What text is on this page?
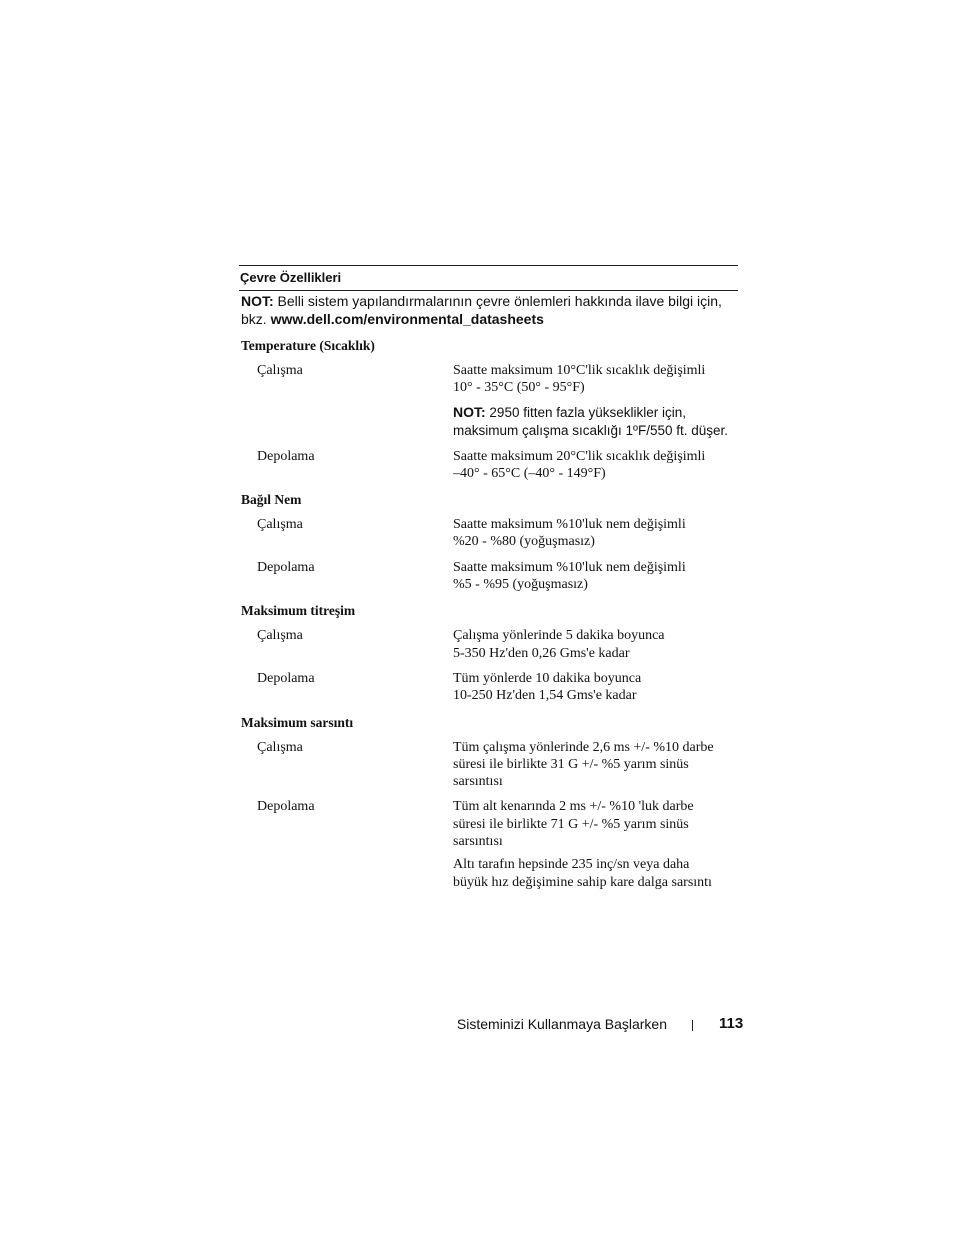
Çevre Özellikleri
NOT: Belli sistem yapılandırmalarının çevre önlemleri hakkında ilave bilgi için, bkz. www.dell.com/environmental_datasheets
Temperature (Sıcaklık)
Çalışma	Saatte maksimum 10°C'lik sıcaklık değişimli
10° - 35°C (50° - 95°F)
NOT: 2950 fitten fazla yükseklikler için, maksimum çalışma sıcaklığı 1ºF/550 ft. düşer.
Depolama	Saatte maksimum 20°C'lik sıcaklık değişimli
–40° - 65°C (–40° - 149°F)
Bağıl Nem
Çalışma	Saatte maksimum %10'luk nem değişimli
%20 - %80 (yoğuşmasız)
Depolama	Saatte maksimum %10'luk nem değişimli
%5 - %95 (yoğuşmasız)
Maksimum titreşim
Çalışma	Çalışma yönlerinde 5 dakika boyunca
5-350 Hz'den 0,26 Gms'e kadar
Depolama	Tüm yönlerde 10 dakika boyunca
10-250 Hz'den 1,54 Gms'e kadar
Maksimum sarsıntı
Çalışma	Tüm çalışma yönlerinde 2,6 ms +/- %10 darbe
süresi ile birlikte 31 G +/- %5 yarım sinüs
sarsıntısı
Depolama	Tüm alt kenarında 2 ms +/- %10 'luk darbe
süresi ile birlikte 71 G +/- %5 yarım sinüs
sarsıntısı
Altı tarafın hepsinde 235 inç/sn veya daha
büyük hız değişimine sahip kare dalga sarsıntı
Sisteminizi Kullanmaya Başlarken	113
